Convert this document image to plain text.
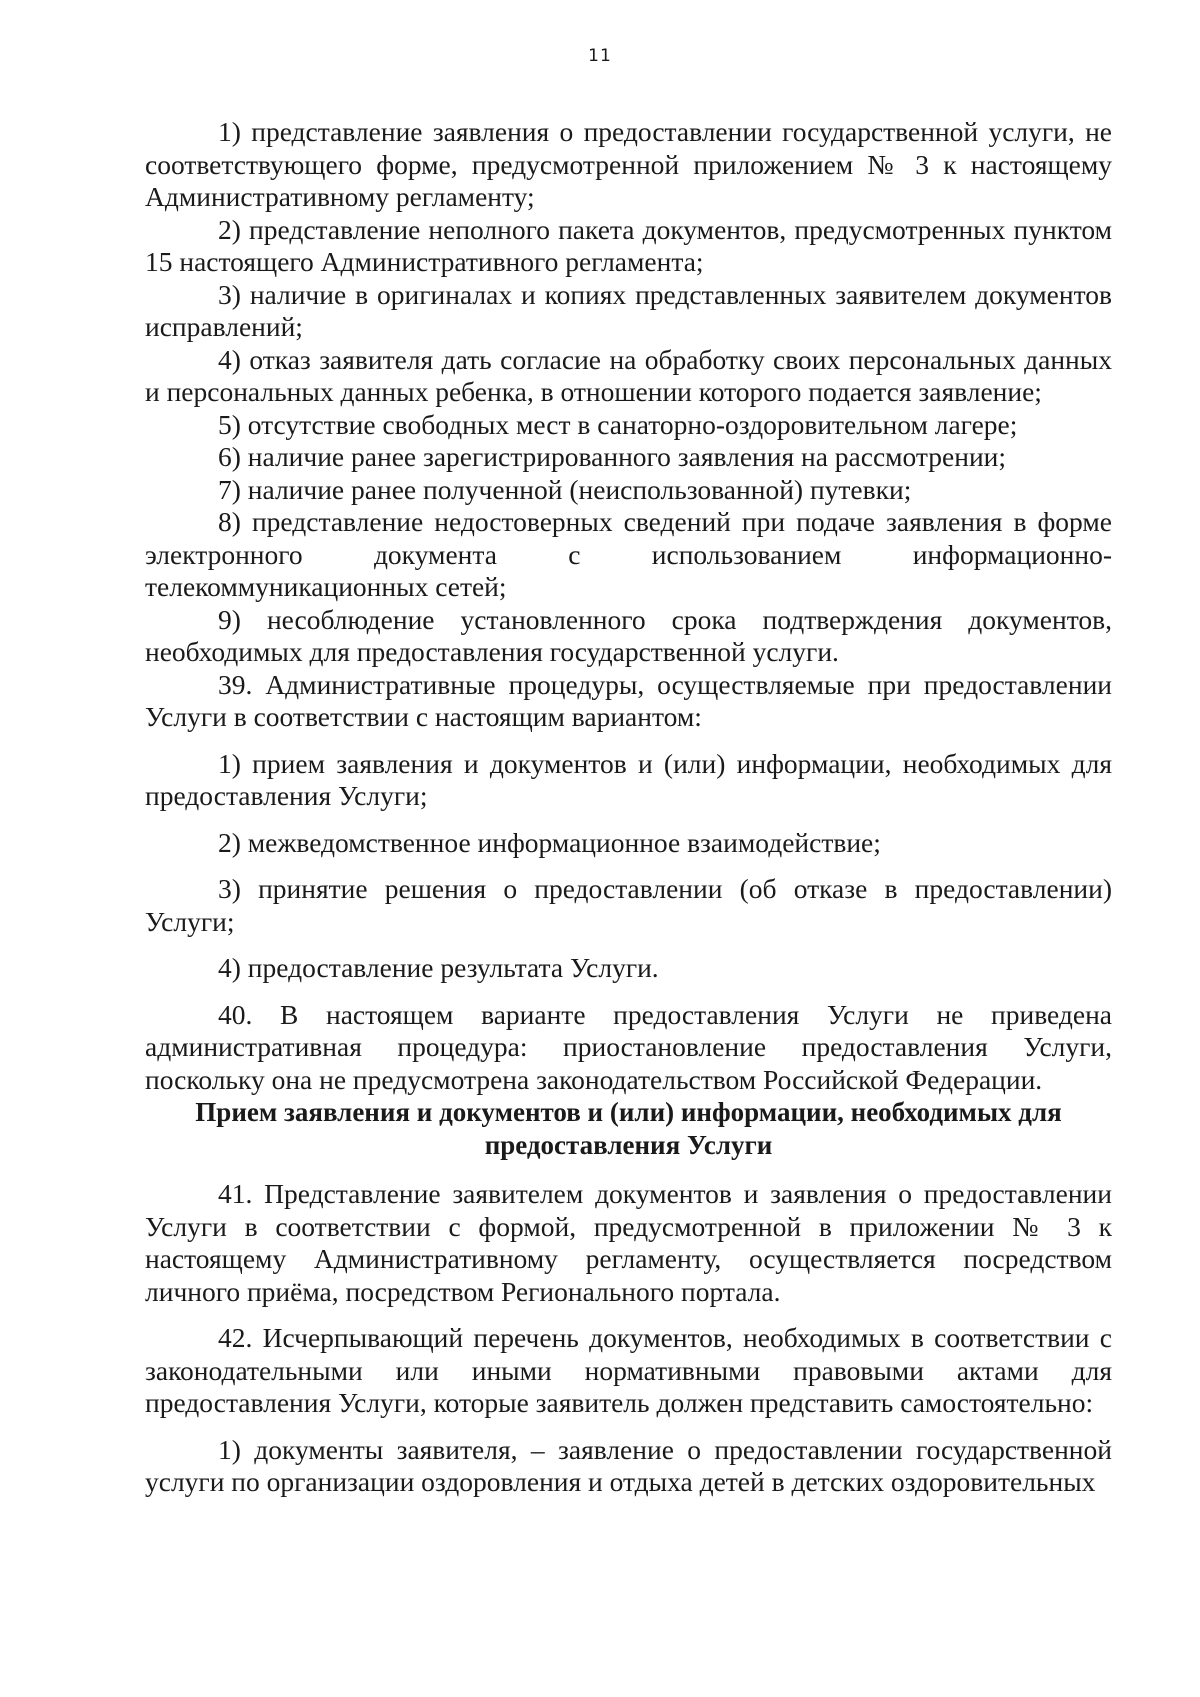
11

1) представление заявления о предоставлении государственной услуги, не соответствующего форме, предусмотренной приложением № 3 к настоящему Административному регламенту;

2) представление неполного пакета документов, предусмотренных пунктом 15 настоящего Административного регламента;

3) наличие в оригиналах и копиях представленных заявителем документов исправлений;

4) отказ заявителя дать согласие на обработку своих персональных данных и персональных данных ребенка, в отношении которого подается заявление;

5) отсутствие свободных мест в санаторно-оздоровительном лагере;

6) наличие ранее зарегистрированного заявления на рассмотрении;

7) наличие ранее полученной (неиспользованной) путевки;

8) представление недостоверных сведений при подаче заявления в форме электронного документа с использованием информационно-телекоммуникационных сетей;

9) несоблюдение установленного срока подтверждения документов, необходимых для предоставления государственной услуги.

39. Административные процедуры, осуществляемые при предоставлении Услуги в соответствии с настоящим вариантом:

1) прием заявления и документов и (или) информации, необходимых для предоставления Услуги;

2) межведомственное информационное взаимодействие;

3) принятие решения о предоставлении (об отказе в предоставлении) Услуги;

4) предоставление результата Услуги.

40. В настоящем варианте предоставления Услуги не приведена административная процедура: приостановление предоставления Услуги, поскольку она не предусмотрена законодательством Российской Федерации.

Прием заявления и документов и (или) информации, необходимых для предоставления Услуги

41. Представление заявителем документов и заявления о предоставлении Услуги в соответствии с формой, предусмотренной в приложении № 3 к настоящему Административному регламенту, осуществляется посредством личного приёма, посредством Регионального портала.

42. Исчерпывающий перечень документов, необходимых в соответствии с законодательными или иными нормативными правовыми актами для предоставления Услуги, которые заявитель должен представить самостоятельно:

1) документы заявителя, – заявление о предоставлении государственной услуги по организации оздоровления и отдыха детей в детских оздоровительных
